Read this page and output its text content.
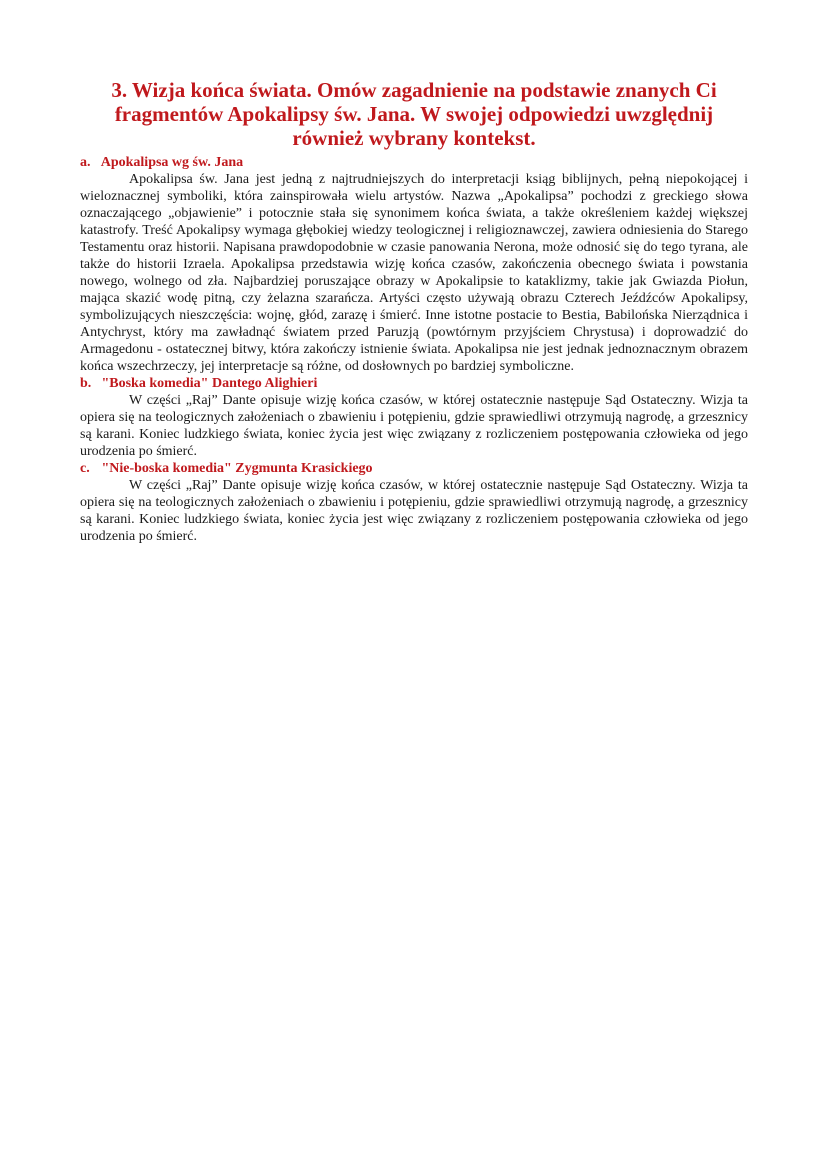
3. Wizja końca świata. Omów zagadnienie na podstawie znanych Ci fragmentów Apokalipsy św. Jana. W swojej odpowiedzi uwzględnij również wybrany kontekst.

a. Apokalipsa wg św. Jana

Apokalipsa św. Jana jest jedną z najtrudniejszych do interpretacji ksiąg biblijnych, pełną niepokojącej i wieloznacznej symboliki, która zainspirowała wielu artystów. Nazwa „Apokalipsa” pochodzi z greckiego słowa oznaczającego „objawienie” i potocznie stała się synonimem końca świata, a także określeniem każdej większej katastrofy. Treść Apokalipsy wymaga głębokiej wiedzy teologicznej i religioznawczej, zawiera odniesienia do Starego Testamentu oraz historii. Napisana prawdopodobnie w czasie panowania Nerona, może odnosić się do tego tyrana, ale także do historii Izraela. Apokalipsa przedstawia wizję końca czasów, zakończenia obecnego świata i powstania nowego, wolnego od zła. Najbardziej poruszające obrazy w Apokalipsie to kataklizmy, takie jak Gwiazda Piołun, mająca skazić wodę pitną, czy żelazna szarańcza. Artyści często używają obrazu Czterech Jeźdźców Apokalipsy, symbolizujących nieszczęścia: wojnę, głód, zarazę i śmierć. Inne istotne postacie to Bestia, Babilońska Nierządnica i Antychryst, który ma zawładnąć światem przed Paruzją (powtórnym przyjściem Chrystusa) i doprowadzić do Armagedonu - ostatecznej bitwy, która zakończy istnienie świata. Apokalipsa nie jest jednak jednoznacznym obrazem końca wszechrzeczy, jej interpretacje są różne, od dosłownych po bardziej symboliczne.

b. "Boska komedia" Dantego Alighieri

W części „Raj” Dante opisuje wizję końca czasów, w której ostatecznie następuje Sąd Ostateczny. Wizja ta opiera się na teologicznych założeniach o zbawieniu i potępieniu, gdzie sprawiedliwi otrzymują nagrodę, a grzesznicy są karani. Koniec ludzkiego świata, koniec życia jest więc związany z rozliczeniem postępowania człowieka od jego urodzenia po śmierć.

c. "Nie-boska komedia" Zygmunta Krasickiego

W części „Raj” Dante opisuje wizję końca czasów, w której ostatecznie następuje Sąd Ostateczny. Wizja ta opiera się na teologicznych założeniach o zbawieniu i potępieniu, gdzie sprawiedliwi otrzymują nagrodę, a grzesznicy są karani. Koniec ludzkiego świata, koniec życia jest więc związany z rozliczeniem postępowania człowieka od jego urodzenia po śmierć.
